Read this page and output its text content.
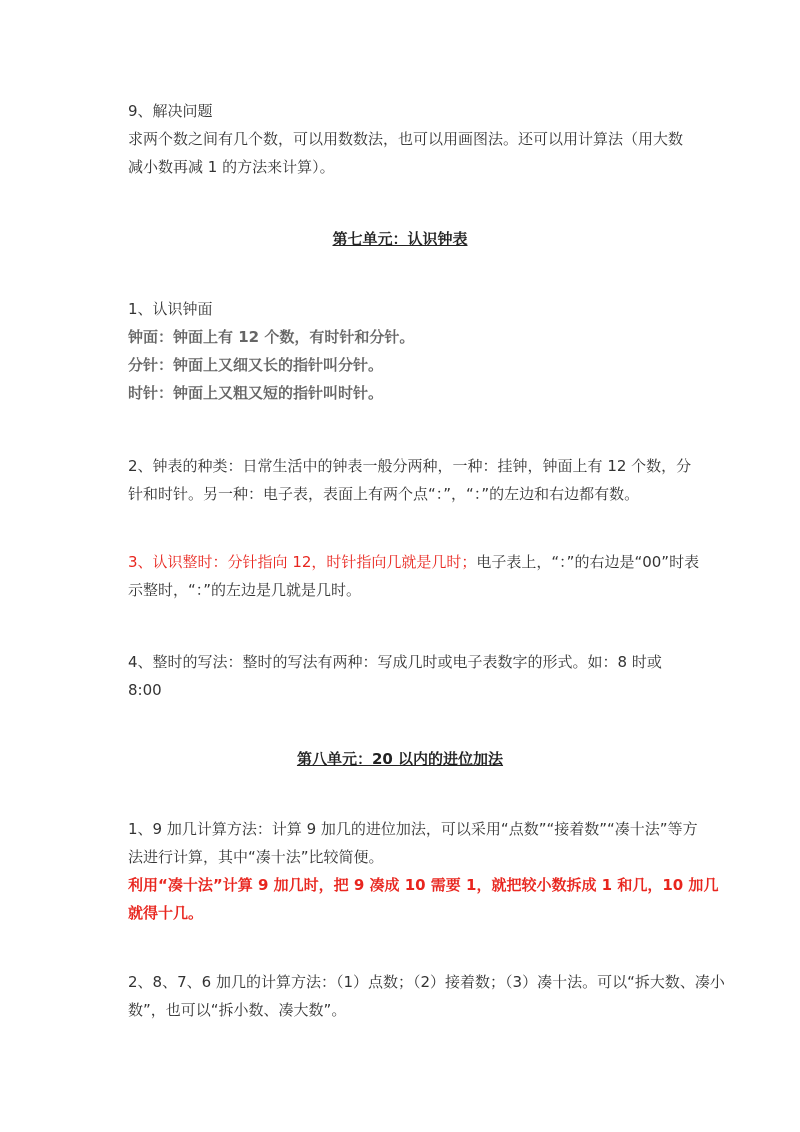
9、解决问题
求两个数之间有几个数，可以用数数法，也可以用画图法。还可以用计算法（用大数
减小数再减 1 的方法来计算）。
第七单元：认识钟表
1、认识钟面
钟面：钟面上有 12 个数，有时针和分针。
分针：钟面上又细又长的指针叫分针。
时针：钟面上又粗又短的指针叫时针。
2、钟表的种类：日常生活中的钟表一般分两种，一种：挂钟，钟面上有 12 个数，分
针和时针。另一种：电子表，表面上有两个点“：”，“：”的左边和右边都有数。
3、认识整时：分针指向 12，时针指向几就是几时；电子表上，“：”的右边是“00”时表
示整时，“：”的左边是几就是几时。
4、整时的写法：整时的写法有两种：写成几时或电子表数字的形式。如：8 时或
8:00
第八单元：20 以内的进位加法
1、9 加几计算方法：计算 9 加几的进位加法，可以采用“点数”“接着数”“凑十法”等方
法进行计算，其中“凑十法”比较简便。
利用“凑十法”计算 9 加几时，把 9 凑成 10 需要 1，就把较小数拆成 1 和几，10 加几
就得十几。
2、8、7、6 加几的计算方法：（1）点数；（2）接着数；（3）凑十法。可以“拆大数、凑小
数”，也可以“拆小数、凑大数”。
